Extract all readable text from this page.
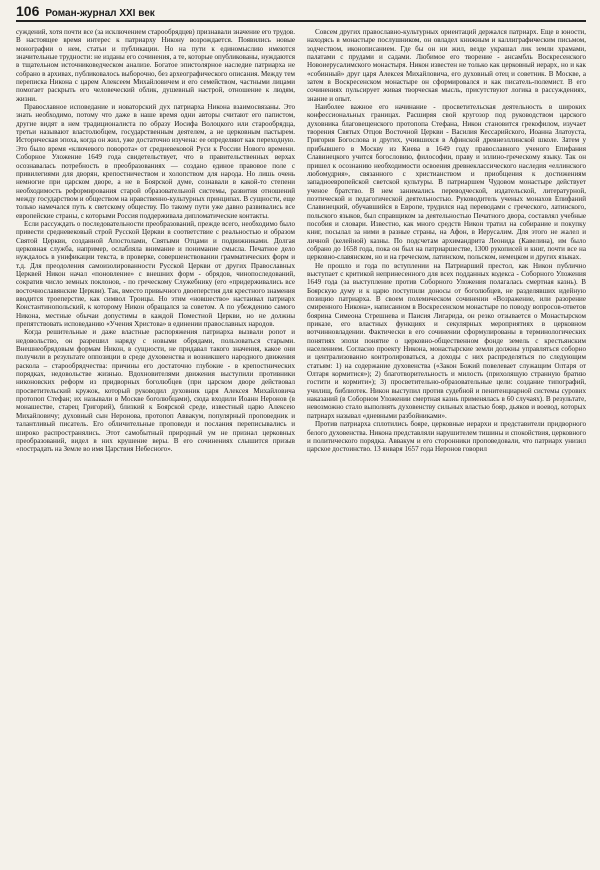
106 Роман-журнал XXI век

суждений, хотя почти все (за исключением старообрядцев) признавали значение его трудов. В настоящее время интерес к патриарху Никону возрождается. Появились новые монографии о нем, статьи и публикации. Но на пути к единомыслию имеются значительные трудности: не изданы его сочинения, а те, которые опубликованы, нуждаются в тщательном источниковедческом анализе. Богатое эпистолярное наследие патриарха не собрано в архивах, публиковалось выборочно, без археографического описания. Между тем переписка Никона с царем Алексеем Михайловичем и его семейством, частными лицами помогает раскрыть его человеческий облик, душевный настрой, отношение к людям, жизни.

Православное исповедание и новаторский дух патриарха Никона взаимосвязаны. Это знать необходимо, потому что даже в наше время одни авторы считают его папистом, другие видят в нем традиционалиста по образу Иосифа Волоцкого или старообрядца, третьи называют властолюбцем, государственным деятелем, а не церковным пастырем. Историческая эпоха, когда он жил, уже достаточно изучена: ее определяют как переходную. Это было время «ключевого поворота» от средневековой Руси к России Нового времени. Соборное Уложение 1649 года свидетельствует, что в правительственных верхах осознавалась потребность в преобразованиях — создано единое правовое поле с привилегиями для дворян, крепостничеством и холопством для народа. Но лишь очень немногие при царском дворе, а не в Боярской думе, сознавали в какой-то степени необходимость реформирования старой образовательной системы, развития отношений между государством и обществом на нравственно-культурных принципах. В сущности, еще только намечался путь к светскому обществу. По такому пути уже давно развивались все европейские страны, с которыми Россия поддерживала дипломатические контакты.

Если рассуждать о последовательности преобразований, прежде всего, необходимо было привести средневековый строй Русской Церкви в соответствие с реальностью и образом Святой Церкви, созданной Апостолами, Святыми Отцами и подвижниками. Долгая церковная служба, например, ослабляла внимание и понимание смысла. Печатное дело нуждалось в унификации текста, в проверке, совершенствовании грамматических форм и т.д. Для преодоления самоизолированности Русской Церкви от других Православных Церквей Никон начал «поновление» с внешних форм - обрядов, чинопоследований, сократив число земных поклонов, - по греческому Служебнику (его «придерживались все восточнославянские Церкви). Так, вместо привычного двоеперстия для крестного знамения вводится троеперстие, как символ Троицы. Но этим «новшество» настаивал патриарх Константинопольский, к которому Никон обращался за советом. А по убеждению самого Никона, местные обычаи допустимы в каждой Поместной Церкви, но не должны препятствовать исповеданию «Учения Христова» в единении православных народов.

Когда решительные и даже властные распоряжения патриарха вызвали ропот и недовольство, он разрешил наряду с новыми обрядами, пользоваться старыми. Внешнеобрядовым формам Никон, в сущности, не придавал такого значения, какое они получили в результате оппозиции в среде духовенства и возникшего народного движения раскола – старообрядчества: причины его достаточно глубокие - в крепостнических порядках, недовольстве жизнью. Вдохновителями движения выступили противники никоновских реформ из придворных боголюбцев (при царском дворе действовал просветительский кружок, который руководил духовник царя Алексея Михайловича протопоп Стефан; их называли в Москве боголюбцами), сюда входили Иоанн Неронов (в монашестве, старец Григорий), близкий к Боярской среде, известный царю Алексею Михайловичу; духовный сын Неронова, протопоп Аввакум, популярный проповедник и талантливый писатель. Его обличительные проповеди и послания переписывались и широко распространялись. Этот самобытный природный ум не признал церковных преобразований, видел в них крушение веры. В его сочинениях слышится призыв «пострадать на Земле во имя Царствия Небесного».

Совсем других православно-культурных ориентаций держался патриарх. Еще в юности, находясь в монастыре послушником, он овладел книжным и каллиграфическим письмом, зодчеством, иконописанием. Где бы он ни жил, везде украшал лик земли храмами, палатами с прудами и садами. Любимое его творение - ансамбль Воскресенского Новоиерусалимского монастыря. Никон известен не только как церковный иерарх, но и как «собинный» друг царя Алексея Михайловича, его духовный отец и советник. В Москве, а затем в Воскресенском монастыре он сформировался и как писатель-полемист. В его сочинениях пульсирует живая творческая мысль, присутствуют логика в рассуждениях, знание и опыт.

Наиболее важное его начинание - просветительская деятельность в широких конфессиональных границах. Расширяя свой кругозор под руководством царского духовника благовещенского протопопа Стефана, Никон становится грекофилом, изучает творения Святых Отцов Восточной Церкви - Василия Кессарийского, Иоанна Златоуста, Григория Богослова и других, учившихся в Афинской древнеэллинской школе. Затем у прибывшего в Москву из Киева в 1649 году православного ученого Епифания Славинецкого учится богословию, философии, праву и эллино-греческому языку. Так он пришел к осознанию необходимости освоения древнеклассического наследия «еллинского любомудрия», связанного с христианством и приобщения к достижениям западноевропейской светской культуры. В патриаршем Чудовом монастыре действует ученое братство. В нем занимались переводческой, издательской, литературной, поэтической и педагогической деятельностью. Руководитель ученых монахов Епифаний Славинецкий, обучавшийся в Европе, трудился над переводами с греческого, латинского, польского языков, был справщиком за деятельностью Печатного двора, составлял учебные пособия и словари. Известно, как много средств Никон тратил на собирание и покупку книг, посылал за ними в разные страны, на Афон, в Иерусалим. Для этого не жалел и личной (келейной) казны. По подсчетам архимандрита Леонида (Кавелина), им было собрано до 1658 года, пока он был на патриаршестве, 1300 рукописей и книг, почти все на церковно-славянском, но и на греческом, латинском, польском, немецком и других языках.

Не прошло и года по вступлении на Патриарший престол, как Никон публично выступает с критикой непринесенного для всех подданных кодекса - Соборного Уложения 1649 года (за выступление против Соборного Уложения полагалась смертная казнь). В Боярскую думу и к царю поступили доносы от боголюбцев, не разделявших идейную позицию патриарха. В своем полемическом сочинении «Возражение, или разорение смиренного Никона», написанном в Воскресенском монастыре по поводу вопросов-ответов боярина Симеона Стрешнева и Паисия Лигарида, он резко отзывается о Монастырском приказе, его властных функциях и секулярных мероприятиях в церковном вотчинновладении. Фактически в его сочинении сформулированы в терминологических понятиях эпохи понятие о церковно-общественном фонде земель с крестьянским населением. Согласно проекту Никона, монастырские земли должны управляться соборно и централизованно контролироваться, а доходы с них распределяться по следующим статьям: 1) на содержание духовенства («Закон Божий повелевает служащим Олтаря от Олтаря кормитися»); 2) благотворительность и милость (прихолящую странную братию гостити и кормити»); 3) просветительно-образовательные цели: создание типографий, училищ, библиотек. Никон выступил против судебной и пенитенциарной системы сурових наказаний (в Соборном Уложении смертная казнь применялась в 60 случаях). В результате, невозможно стало выполнять духовенству сильных властью бояр, дьяков и воевод, которых патриарх называл «дневными разбойниками».

Против патриарха сплотились бояре, церковные иерархи и представители придворного белого духовенства. Никона представляли нарушителем тишины и спокойствия, церковного и политического порядка. Аввакум и его сторонники проповедовали, что патриарх унизил царское достоинство. 13 января 1657 года Неронов говорил
